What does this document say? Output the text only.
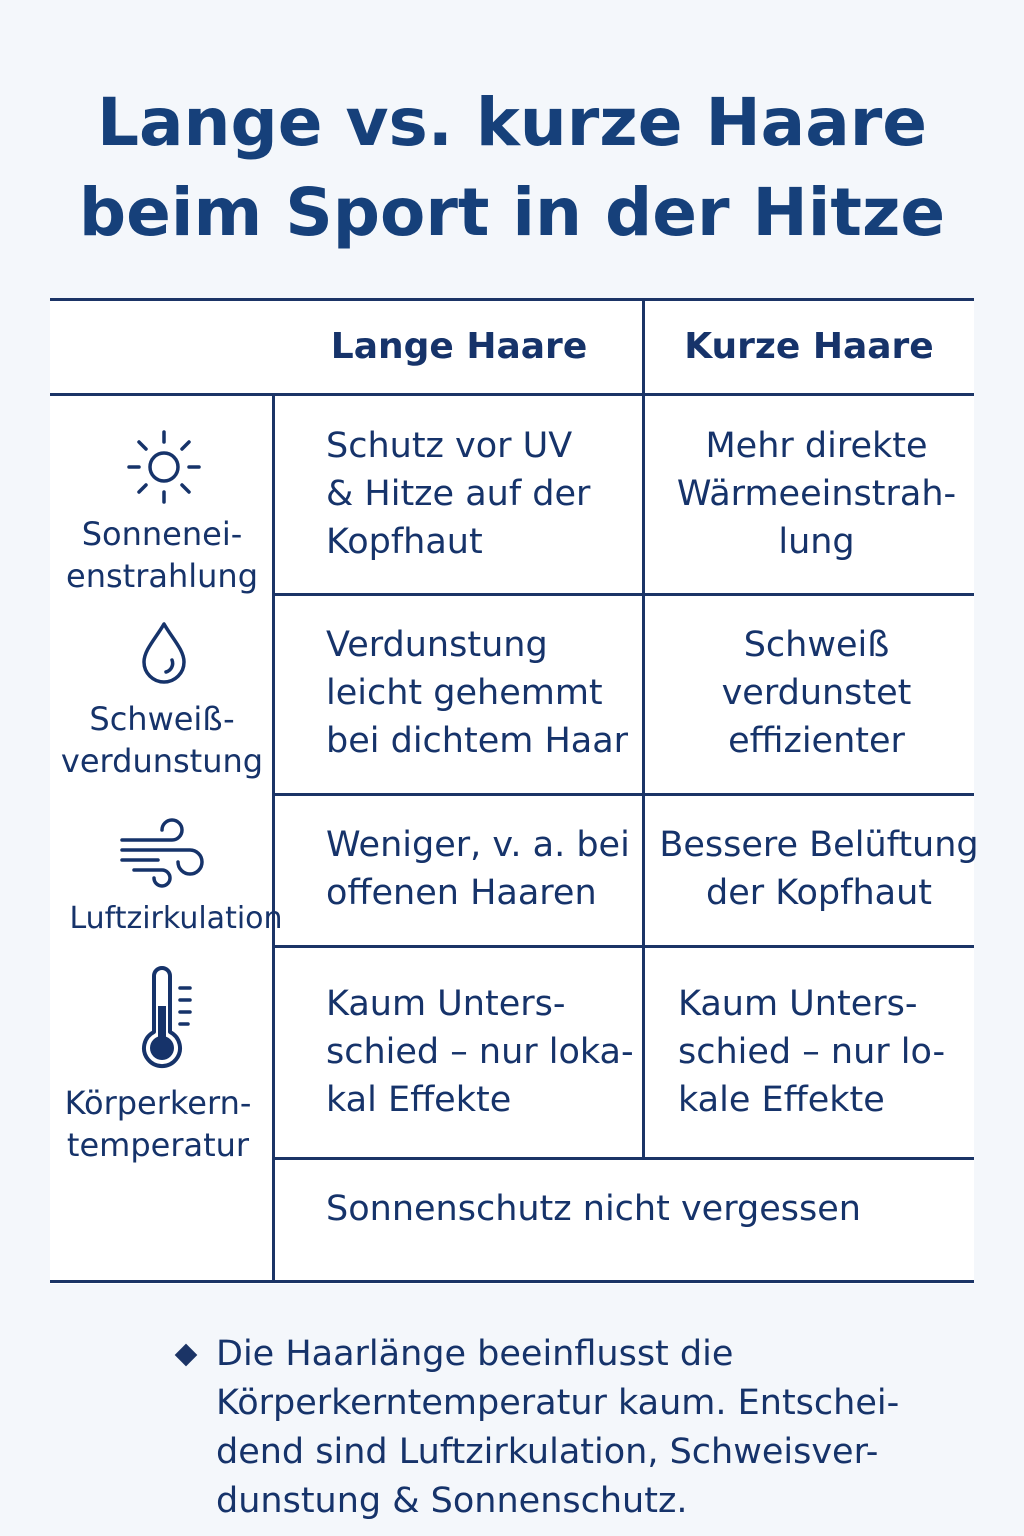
Lange vs. kurze Haare
beim Sport in der Hitze
Lange Haare	Kurze Haare
Sonnenei-
enstrahlung
Schutz vor UV
& Hitze auf der
Kopfhaut
Mehr direkte
Wärmeeinstrah-
lung
Schweiß-
verdunstung
Verdunstung
leicht gehemmt
bei dichtem Haar
Schweiß
verdunstet
effizienter
Luftzirkulation
Weniger, v. a. bei
offenen Haaren
Bessere Belüftung
der Kopfhaut
Körperkern-
temperatur
Kaum Unters-
schied – nur loka-
kal Effekte
Kaum Unters-
schied – nur lo-
kale Effekte
Sonnenschutz nicht vergessen
Die Haarlänge beeinflusst die
Körperkerntemperatur kaum. Entschei-
dend sind Luftzirkulation, Schweisver-
dunstung & Sonnenschutz.
